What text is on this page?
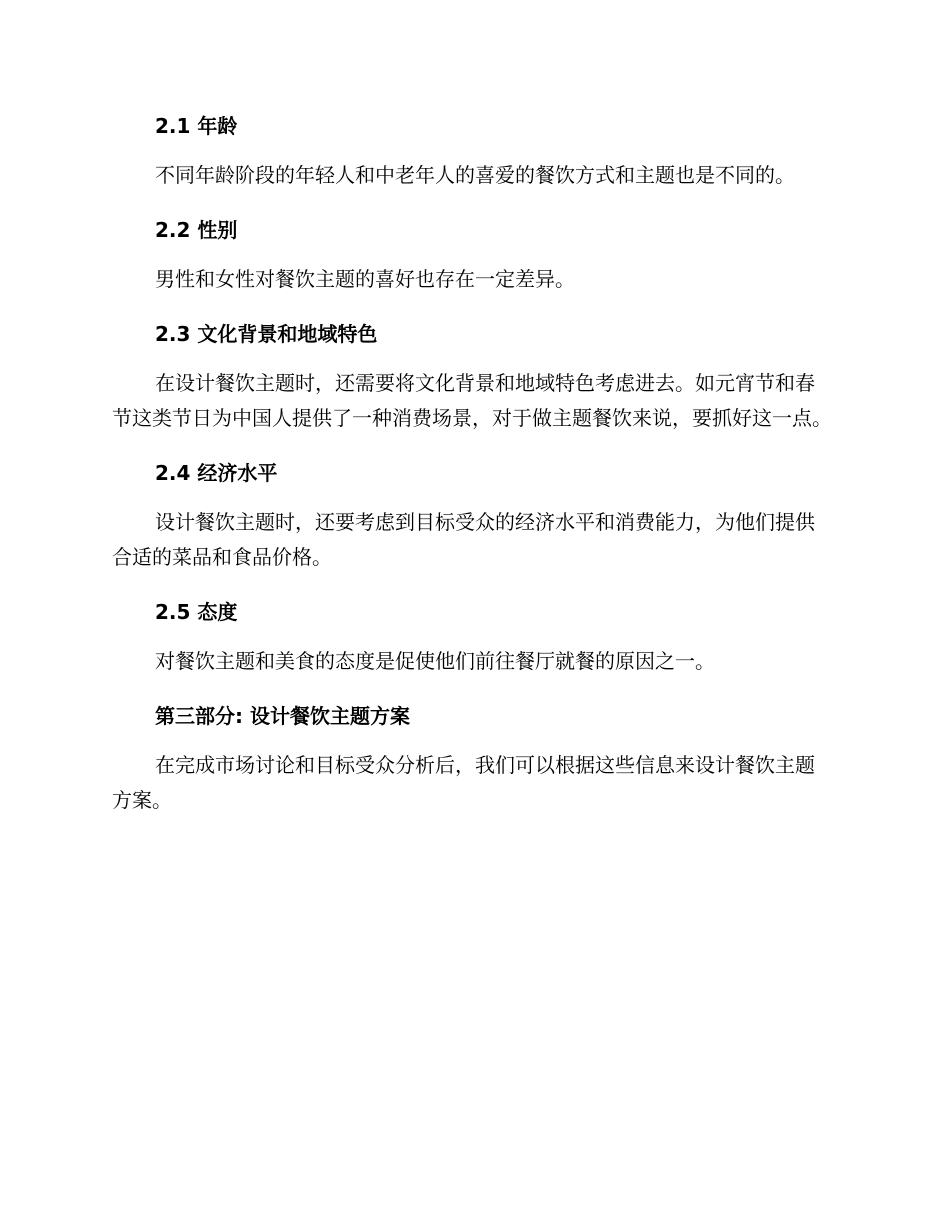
2.1 年龄

不同年龄阶段的年轻人和中老年人的喜爱的餐饮方式和主题也是不同的。

2.2 性别

男性和女性对餐饮主题的喜好也存在一定差异。

2.3 文化背景和地域特色

在设计餐饮主题时，还需要将文化背景和地域特色考虑进去。如元宵节和春节这类节日为中国人提供了一种消费场景，对于做主题餐饮来说，要抓好这一点。

2.4 经济水平

设计餐饮主题时，还要考虑到目标受众的经济水平和消费能力，为他们提供合适的菜品和食品价格。

2.5 态度

对餐饮主题和美食的态度是促使他们前往餐厅就餐的原因之一。

第三部分: 设计餐饮主题方案

在完成市场讨论和目标受众分析后，我们可以根据这些信息来设计餐饮主题方案。
